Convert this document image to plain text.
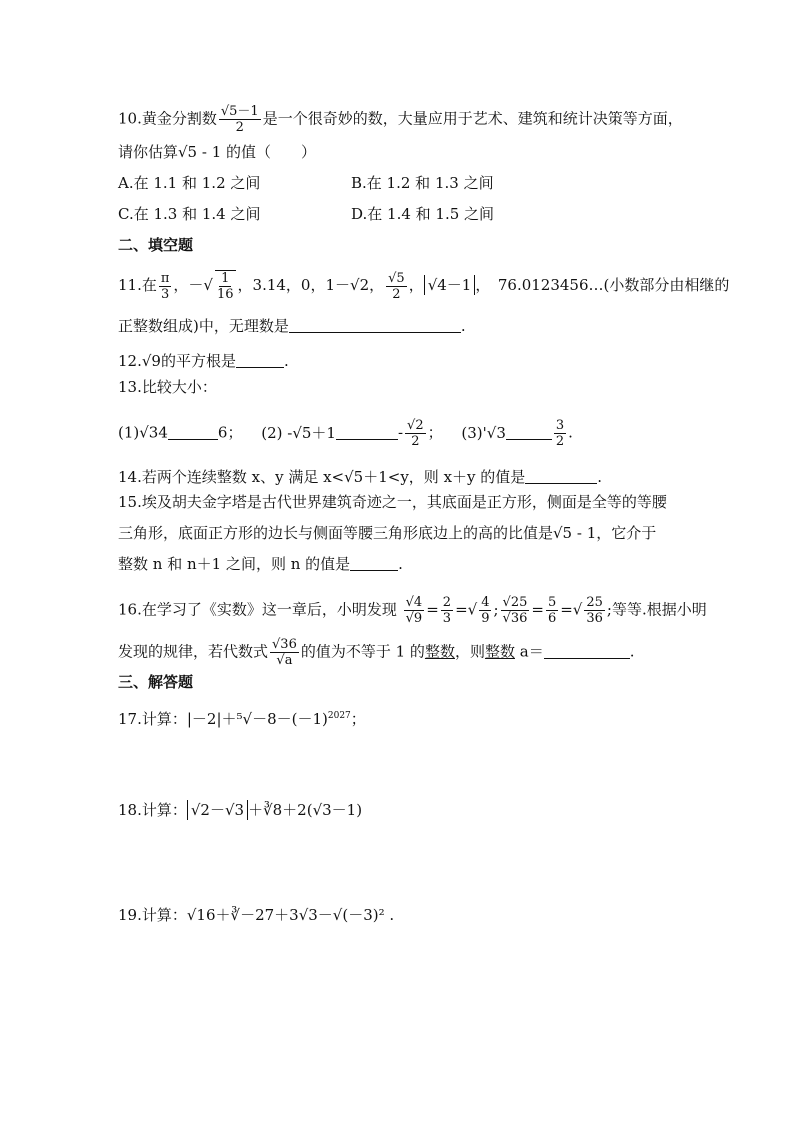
10.黄金分割数 $\frac{√5-1}{2}$ 是一个很奇妙的数，大量应用于艺术、建筑和统计决策等方面，
请你估算√5 - 1 的值（　　）
A.在 1.1 和 1.2 之间	B.在 1.2 和 1.3 之间
C.在 1.3 和 1.4 之间	D.在 1.4 和 1.5 之间
二、填空题
11.在 $\frac{\pi}{3}$ ，－√ $\frac{1}{16}$ ，3.14，0，1－√2， $\frac{√5}{2}$ ， √4－1 ，　76.0123456…(小数部分由相继的
正整数组成)中，无理数是	.
12.√9的平方根是	.
13.比较大小：
(1)√34	6； (2) -√5＋1	- $\frac{√2}{2}$ ； (3)'√3	$\frac{3}{2}$ .
14.若两个连续整数 x、y 满足 x<√5＋1<y，则 x＋y 的值是	.
15.埃及胡夫金字塔是古代世界建筑奇迹之一，其底面是正方形，侧面是全等的等腰
三角形，底面正方形的边长与侧面等腰三角形底边上的高的比值是√5 - 1，它介于
整数 n 和 n＋1 之间，则 n 的值是	.
16.在学习了《实数》这一章后，小明发现 $\frac{√4}{√9} = \frac{2}{3}$ =√ $\frac{4}{9}$ ; $\frac{√25}{√36} = \frac{5}{6}$ =√ $\frac{25}{36}$ ;等等.根据小明
发现的规律，若代数式 $\frac{√36}{√a}$ 的值为不等于 1 的整数，则整数 a＝	.
三、解答题
17.计算：$|-2|+^5√-8-(-1)^{2027}$；
18.计算： √2－√3 ＋∛8＋2(√3－1)
19.计算：√16＋∛－27＋3√3－√(－3)² .
